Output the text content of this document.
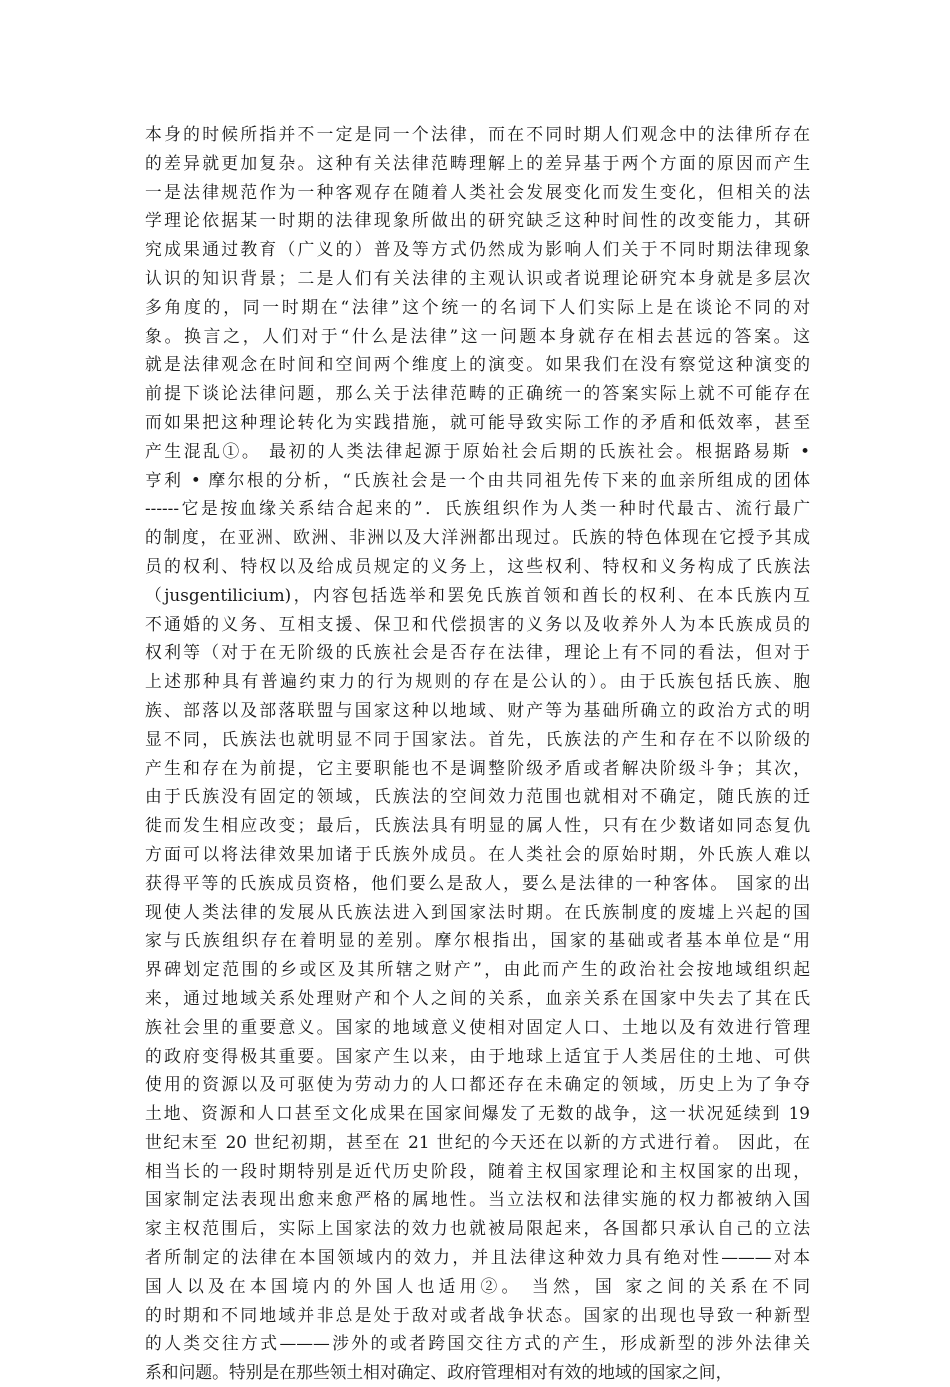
本身的时候所指并不一定是同一个法律，而在不同时期人们观念中的法律所存在
的差异就更加复杂。这种有关法律范畴理解上的差异基于两个方面的原因而产生
一是法律规范作为一种客观存在随着人类社会发展变化而发生变化，但相关的法
学理论依据某一时期的法律现象所做出的研究缺乏这种时间性的改变能力，其研
究成果通过教育（广义的）普及等方式仍然成为影响人们关于不同时期法律现象
认识的知识背景；二是人们有关法律的主观认识或者说理论研究本身就是多层次
多角度的，同一时期在“法律”这个统一的名词下人们实际上是在谈论不同的对
象。换言之，人们对于“什么是法律”这一问题本身就存在相去甚远的答案。这
就是法律观念在时间和空间两个维度上的演变。如果我们在没有察觉这种演变的
前提下谈论法律问题，那么关于法律范畴的正确统一的答案实际上就不可能存在
而如果把这种理论转化为实践措施，就可能导致实际工作的矛盾和低效率，甚至
产生混乱①。 最初的人类法律起源于原始社会后期的氏族社会。根据路易斯 •
亨利 • 摩尔根的分析，“氏族社会是一个由共同祖先传下来的血亲所组成的团体
------它是按血缘关系结合起来的”．氏族组织作为人类一种时代最古、流行最广
的制度，在亚洲、欧洲、非洲以及大洋洲都出现过。氏族的特色体现在它授予其成
员的权利、特权以及给成员规定的义务上，这些权利、特权和义务构成了氏族法
（jusgentilicium)，内容包括选举和罢免氏族首领和酋长的权利、在本氏族内互
不通婚的义务、互相支援、保卫和代偿损害的义务以及收养外人为本氏族成员的
权利等（对于在无阶级的氏族社会是否存在法律，理论上有不同的看法，但对于
上述那种具有普遍约束力的行为规则的存在是公认的）。由于氏族包括氏族、胞
族、部落以及部落联盟与国家这种以地域、财产等为基础所确立的政治方式的明
显不同，氏族法也就明显不同于国家法。首先，氏族法的产生和存在不以阶级的
产生和存在为前提，它主要职能也不是调整阶级矛盾或者解决阶级斗争；其次，
由于氏族没有固定的领域，氏族法的空间效力范围也就相对不确定，随氏族的迁
徙而发生相应改变；最后，氏族法具有明显的属人性，只有在少数诸如同态复仇
方面可以将法律效果加诸于氏族外成员。在人类社会的原始时期，外氏族人难以
获得平等的氏族成员资格，他们要么是敌人，要么是法律的一种客体。 国家的出
现使人类法律的发展从氏族法进入到国家法时期。在氏族制度的废墟上兴起的国
家与氏族组织存在着明显的差别。摩尔根指出，国家的基础或者基本单位是“用
界碑划定范围的乡或区及其所辖之财产”，由此而产生的政治社会按地域组织起
来，通过地域关系处理财产和个人之间的关系，血亲关系在国家中失去了其在氏
族社会里的重要意义。国家的地域意义使相对固定人口、土地以及有效进行管理
的政府变得极其重要。国家产生以来，由于地球上适宜于人类居住的土地、可供
使用的资源以及可驱使为劳动力的人口都还存在未确定的领域，历史上为了争夺
土地、资源和人口甚至文化成果在国家间爆发了无数的战争，这一状况延续到 19
世纪末至 20 世纪初期，甚至在 21 世纪的今天还在以新的方式进行着。 因此，在
相当长的一段时期特别是近代历史阶段，随着主权国家理论和主权国家的出现，
国家制定法表现出愈来愈严格的属地性。当立法权和法律实施的权力都被纳入国
家主权范围后，实际上国家法的效力也就被局限起来，各国都只承认自己的立法
者所制定的法律在本国领域内的效力，并且法律这种效力具有绝对性———对本
国人以及在本国境内的外国人也适用②。 当然，国 家之间的关系在不同
的时期和不同地域并非总是处于敌对或者战争状态。国家的出现也导致一种新型
的人类交往方式———涉外的或者跨国交往方式的产生，形成新型的涉外法律关
系和问题。特别是在那些领土相对确定、政府管理相对有效的地域的国家之间，
